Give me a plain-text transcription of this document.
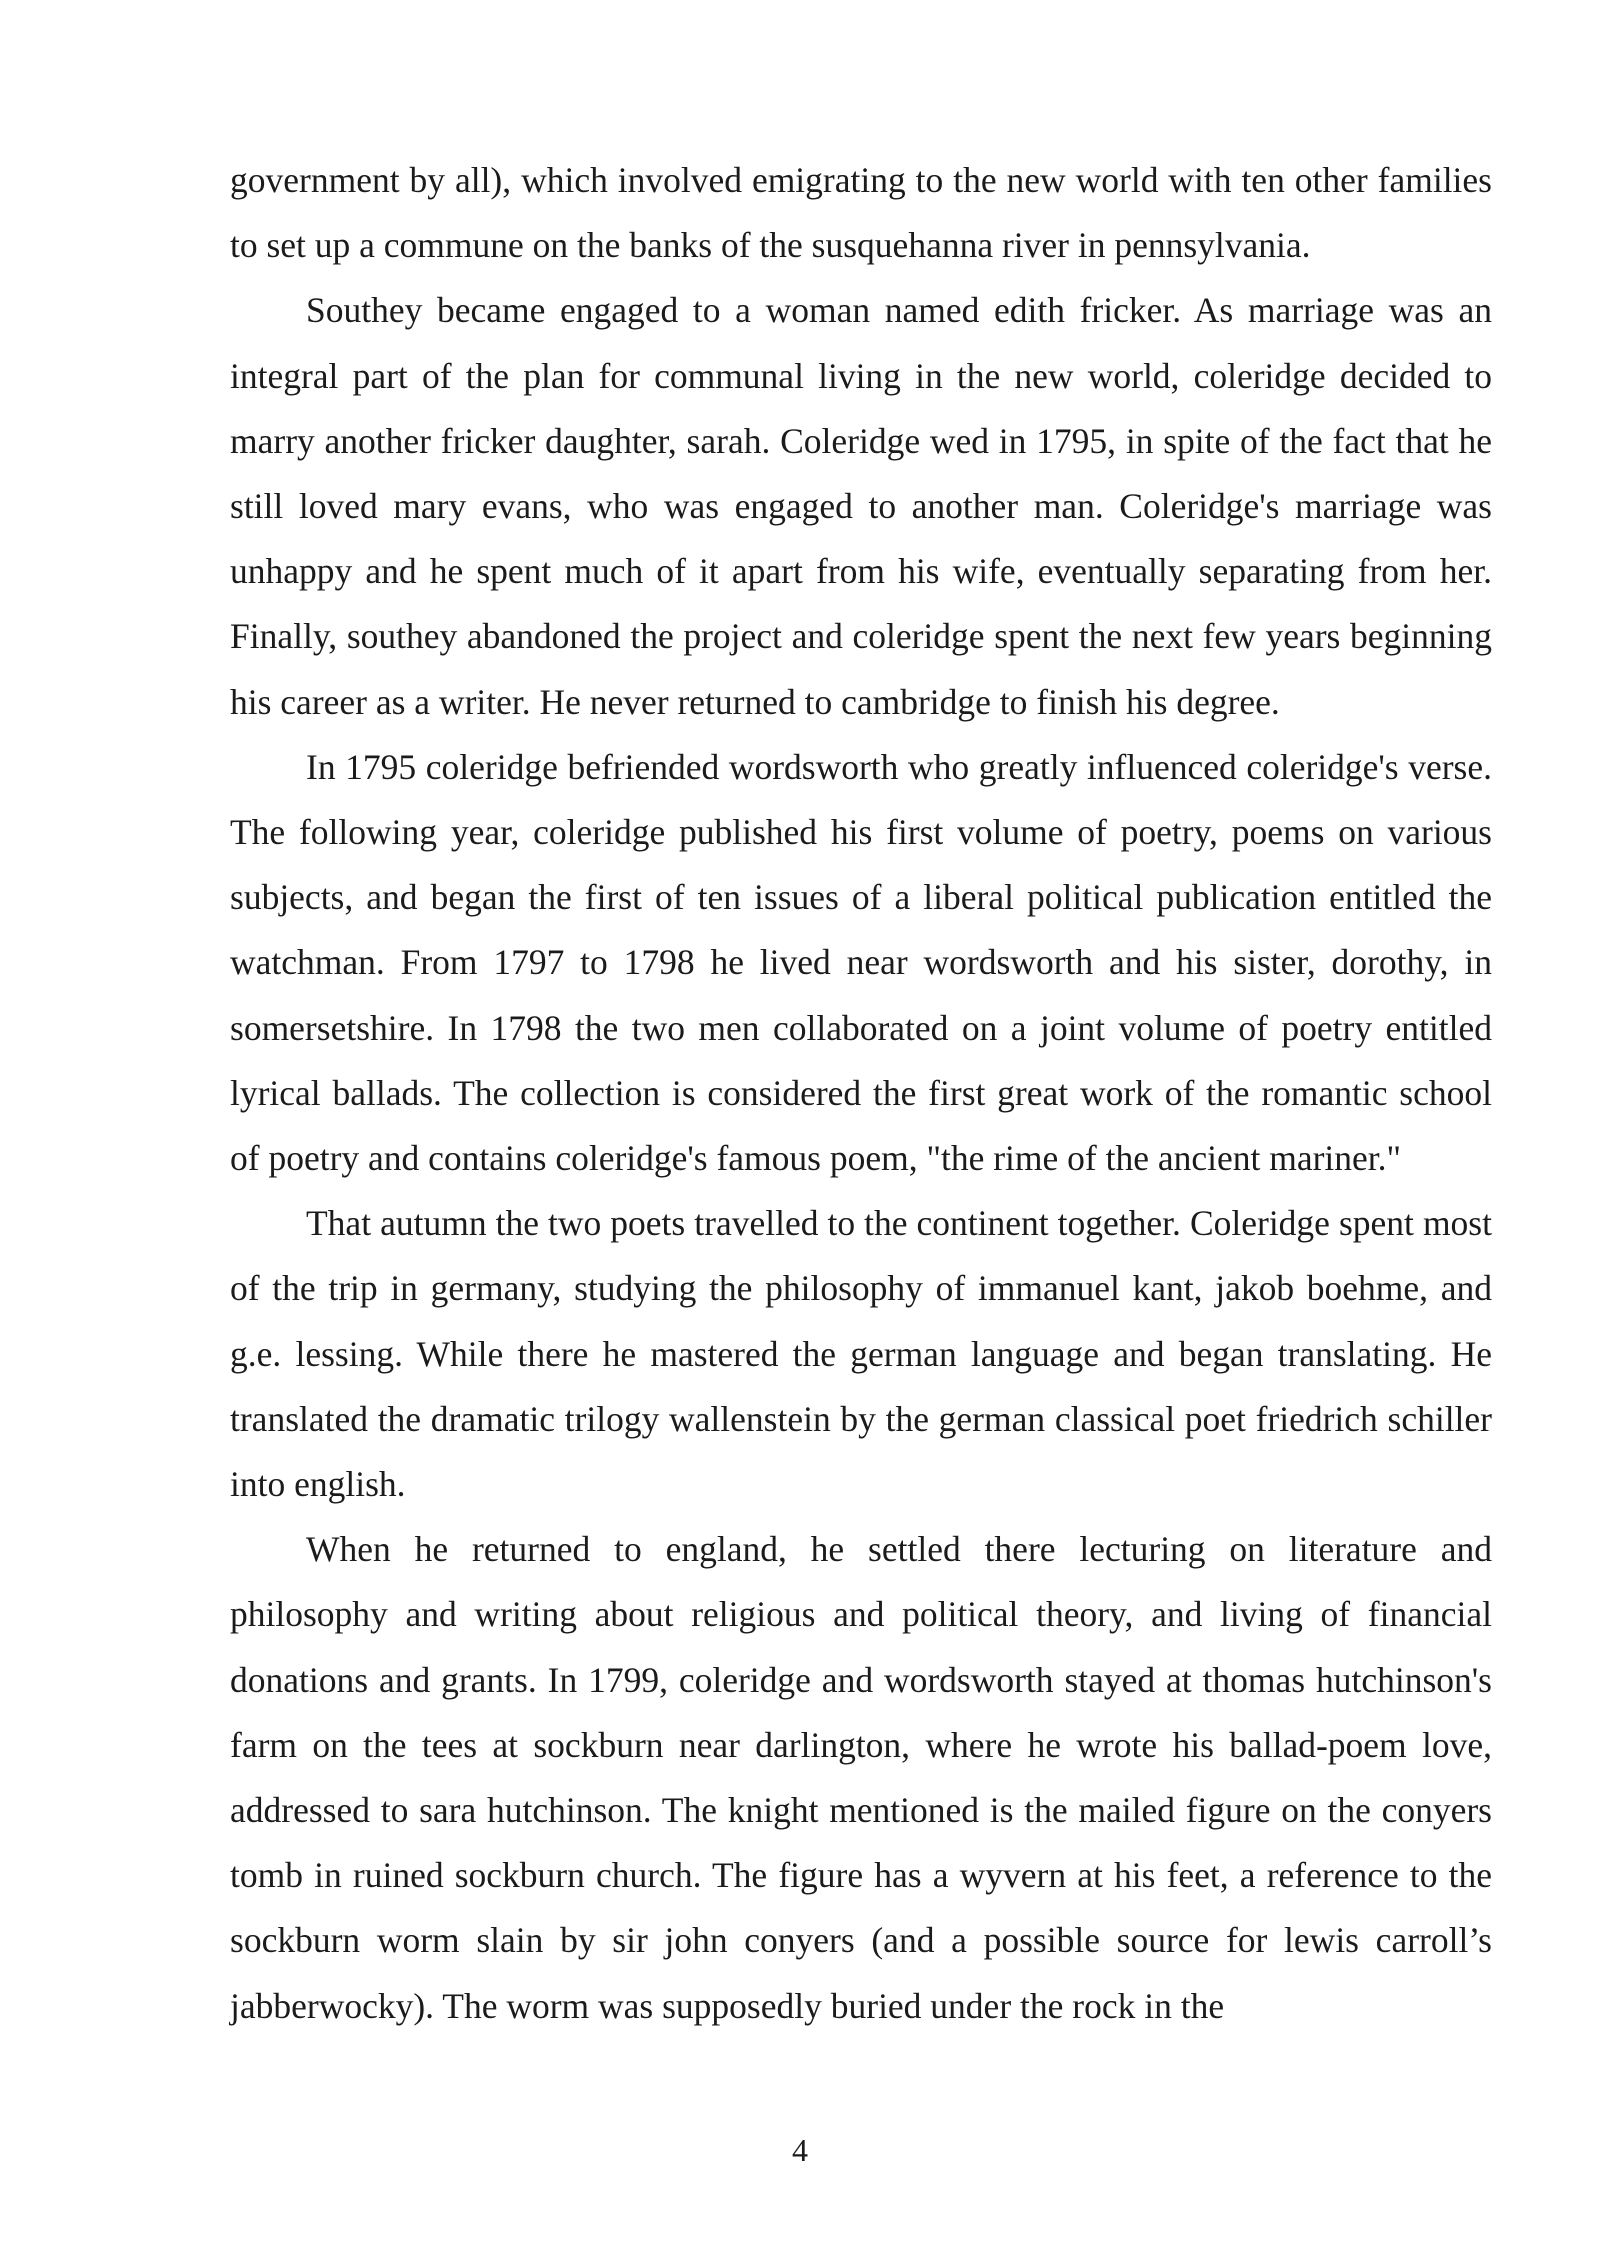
government by all), which involved emigrating to the new world with ten other families to set up a commune on the banks of the susquehanna river in pennsylvania.

Southey became engaged to a woman named edith fricker. As marriage was an integral part of the plan for communal living in the new world, coleridge decided to marry another fricker daughter, sarah. Coleridge wed in 1795, in spite of the fact that he still loved mary evans, who was engaged to another man. Coleridge's marriage was unhappy and he spent much of it apart from his wife, eventually separating from her. Finally, southey abandoned the project and coleridge spent the next few years beginning his career as a writer. He never returned to cambridge to finish his degree.

In 1795 coleridge befriended wordsworth who greatly influenced coleridge's verse. The following year, coleridge published his first volume of poetry, poems on various subjects, and began the first of ten issues of a liberal political publication entitled the watchman. From 1797 to 1798 he lived near wordsworth and his sister, dorothy, in somersetshire. In 1798 the two men collaborated on a joint volume of poetry entitled lyrical ballads. The collection is considered the first great work of the romantic school of poetry and contains coleridge's famous poem, "the rime of the ancient mariner."

That autumn the two poets travelled to the continent together. Coleridge spent most of the trip in germany, studying the philosophy of immanuel kant, jakob boehme, and g.e. lessing. While there he mastered the german language and began translating. He translated the dramatic trilogy wallenstein by the german classical poet friedrich schiller into english.

When he returned to england, he settled there lecturing on literature and philosophy and writing about religious and political theory, and living of financial donations and grants. In 1799, coleridge and wordsworth stayed at thomas hutchinson's farm on the tees at sockburn near darlington, where he wrote his ballad-poem love, addressed to sara hutchinson. The knight mentioned is the mailed figure on the conyers tomb in ruined sockburn church. The figure has a wyvern at his feet, a reference to the sockburn worm slain by sir john conyers (and a possible source for lewis carroll’s jabberwocky). The worm was supposedly buried under the rock in the

4
